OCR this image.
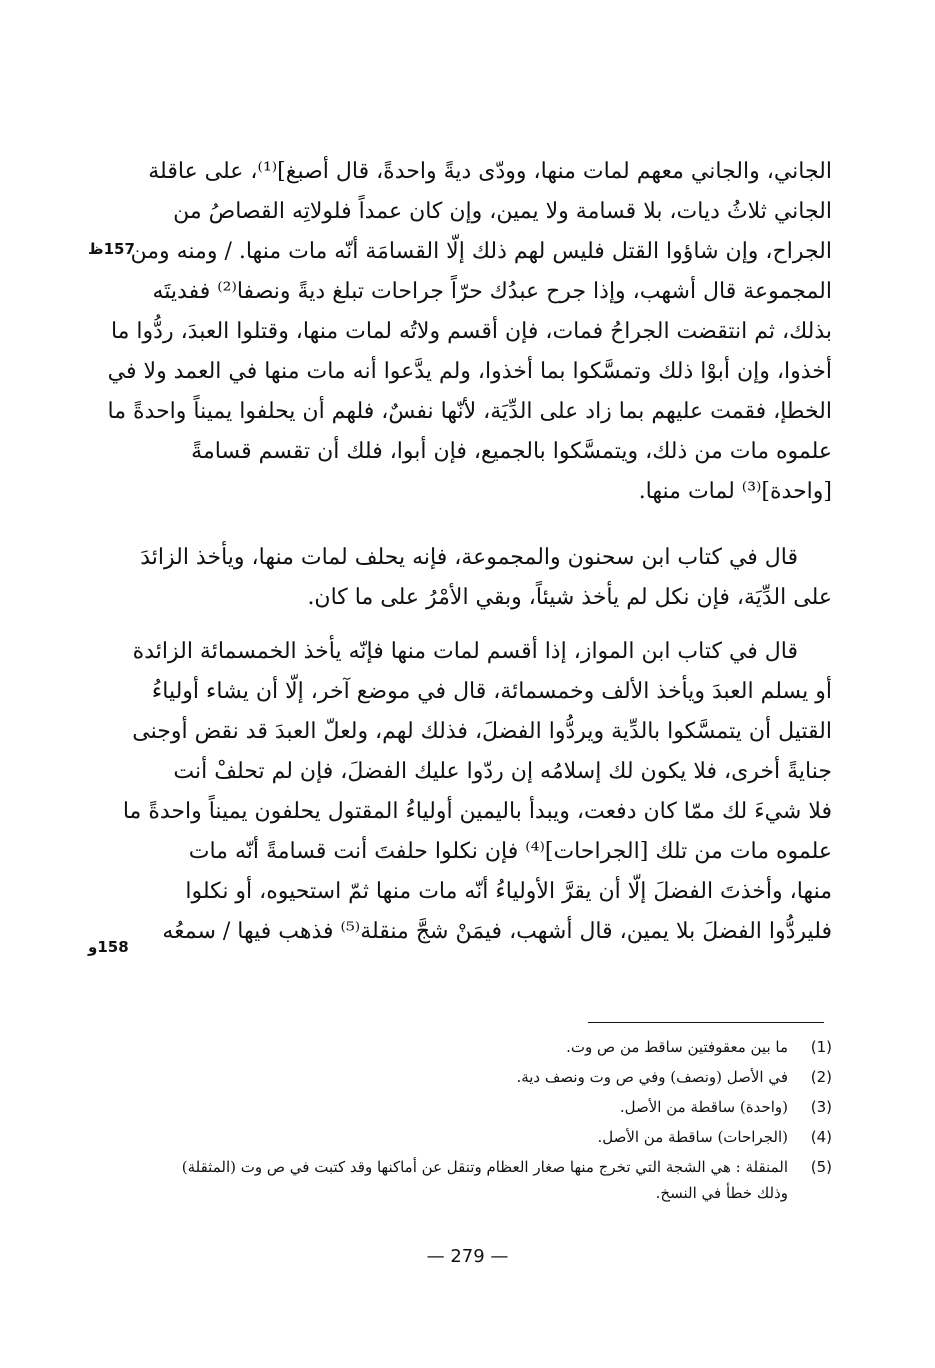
الجاني، والجاني معهم لمات منها، وودّى ديةً واحدةً، قال أصبغ]⁽¹⁾، على عاقلة
الجاني ثلاثُ ديات، بلا قسامة ولا يمين، وإن كان عمداً فلولاتِه القصاصُ من
الجراح، وإن شاؤوا القتل فليس لهم ذلك إلّا القسامَة أنّه مات منها. / ومنه ومن
المجموعة قال أشهب، وإذا جرح عبدُك حرّاً جراحات تبلغ ديةً ونصفا⁽²⁾ ففديتَه
بذلك، ثم انتقضت الجراحُ فمات، فإن أقسم ولاتُه لمات منها، وقتلوا العبدَ، ردُّوا ما
أخذوا، وإن أبوْا ذلك وتمسَّكوا بما أخذوا، ولم يدَّعوا أنه مات منها في العمد ولا في
الخطإ، فقمت عليهم بما زاد على الدِّيَة، لأنّها نفسٌ، فلهم أن يحلفوا يميناً واحدةً ما
علموه مات من ذلك، ويتمسَّكوا بالجميع، فإن أبوا، فلك أن تقسم قسامةً
[واحدة]⁽³⁾ لمات منها.
قال في كتاب ابن سحنون والمجموعة، فإنه يحلف لمات منها، ويأخذ الزائدَ
على الدِّيَة، فإن نكل لم يأخذ شيئاً، وبقي الأمْرُ على ما كان.
قال في كتاب ابن المواز، إذا أقسم لمات منها فإنّه يأخذ الخمسمائة الزائدة
أو يسلم العبدَ ويأخذ الألف وخمسمائة، قال في موضع آخر، إلّا أن يشاء أولياءُ
القتيل أن يتمسَّكوا بالدِّية ويردُّوا الفضلَ، فذلك لهم، ولعلّ العبدَ قد نقض أوجنى
جنايةً أخرى، فلا يكون لك إسلامُه إن ردّوا عليك الفضلَ، فإن لم تحلفْ أنت
فلا شيءَ لك ممّا كان دفعت، ويبدأ باليمين أولياءُ المقتول يحلفون يميناً واحدةً ما
علموه مات من تلك [الجراحات]⁽⁴⁾ فإن نكلوا حلفتَ أنت قسامةً أنّه مات
منها، وأخذتَ الفضلَ إلّا أن يقرَّ الأولياءُ أنّه مات منها ثمّ استحيوه، أو نكلوا
فليردُّوا الفضلَ بلا يمين، قال أشهب، فيمَنْ شجَّ منقلة⁽⁵⁾ فذهب فيها / سمعُه
157ظ
158و
(1)
ما بين معقوفتين ساقط من ص وت.
(2)
في الأصل (ونصف) وفي ص وت ونصف دية.
(3)
(واحدة) ساقطة من الأصل.
(4)
(الجراحات) ساقطة من الأصل.
(5)
المنقلة : هي الشجة التي تخرج منها صغار العظام وتنقل عن أماكنها وقد كتبت في ص وت (المثقلة) وذلك خطأ في النسخ.
— 279 —
